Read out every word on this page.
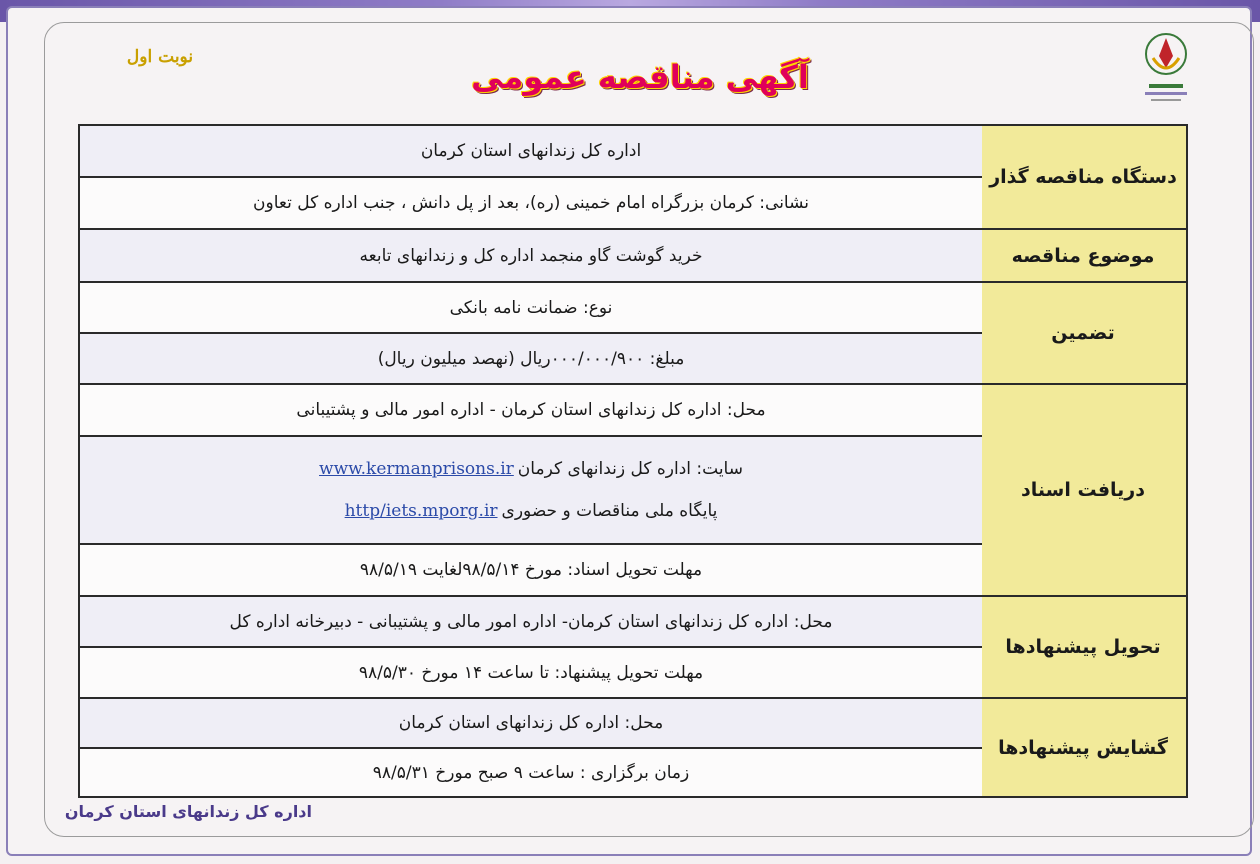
نوبت اول
آگهی مناقصه عمومی
دستگاه مناقصه گذار
موضوع مناقصه
تضمین
دریافت اسناد
تحویل پیشنهادها
گشایش پیشنهادها
اداره کل زندانهای استان کرمان
نشانی: کرمان بزرگراه امام خمینی (ره)، بعد از پل دانش ، جنب اداره کل تعاون
خرید گوشت گاو منجمد اداره کل و زندانهای تابعه
نوع: ضمانت نامه بانکی
مبلغ: ۰۰۰/۰۰۰/۹۰۰ریال (نهصد میلیون ریال)
محل: اداره کل زندانهای استان کرمان - اداره امور مالی و پشتیبانی
سایت: اداره کل زندانهای کرمان
www.kermanprisons.ir
پایگاه ملی مناقصات و حضوری
http/iets.mporg.ir
مهلت تحویل اسناد: مورخ ۹۸/۵/۱۴لغایت ۹۸/۵/۱۹
محل: اداره کل زندانهای استان کرمان- اداره امور مالی و پشتیبانی - دبیرخانه اداره کل
مهلت تحویل پیشنهاد: تا ساعت ۱۴ مورخ ۹۸/۵/۳۰
محل: اداره کل زندانهای استان کرمان
زمان برگزاری : ساعت ۹ صبح مورخ ۹۸/۵/۳۱
اداره کل زندانهای استان کرمان
